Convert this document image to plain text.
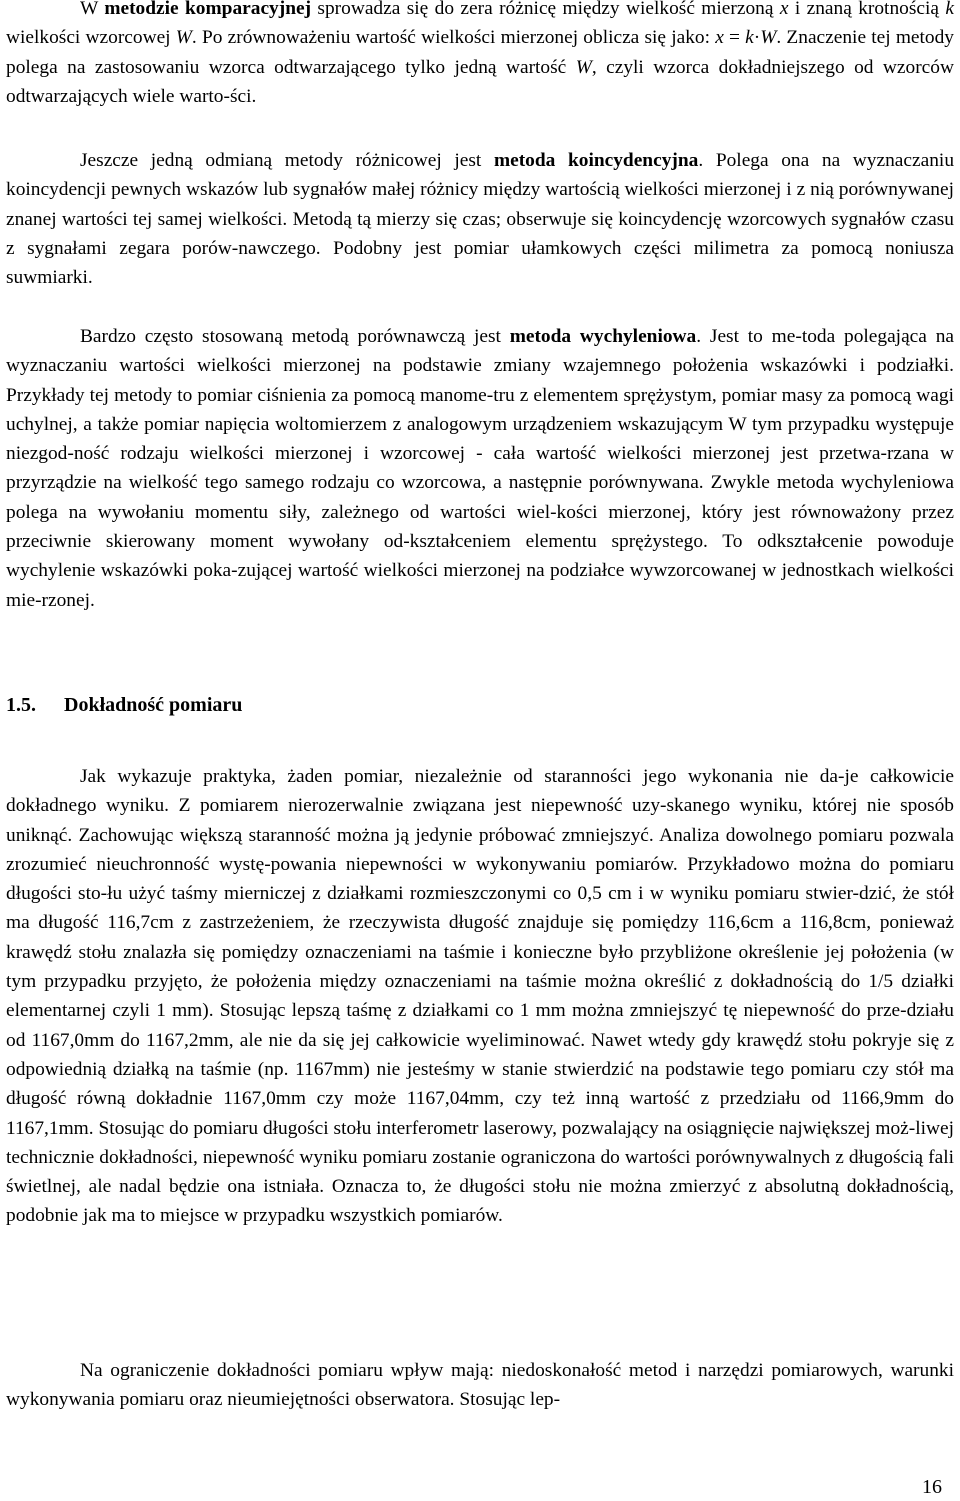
W metodzie komparacyjnej sprowadza się do zera różnicę między wielkość mierzoną x i znaną krotnością k wielkości wzorcowej W. Po zrównoważeniu wartość wielkości mierzonej oblicza się jako: x = k·W. Znaczenie tej metody polega na zastosowaniu wzorca odtwarzającego tylko jedną wartość W, czyli wzorca dokładniejszego od wzorców odtwarzających wiele warto-ści.

Jeszcze jedną odmianą metody różnicowej jest metoda koincydencyjna. Polega ona na wyznaczaniu koincydencji pewnych wskazów lub sygnałów małej różnicy między wartością wielkości mierzonej i z nią porównywanej znanej wartości tej samej wielkości. Metodą tą mierzy się czas; obserwuje się koincydencję wzorcowych sygnałów czasu z sygnałami zegara porów-nawczego. Podobny jest pomiar ułamkowych części milimetra za pomocą noniusza suwmiarki.

Bardzo często stosowaną metodą porównawczą jest metoda wychyleniowa. Jest to me-toda polegająca na wyznaczaniu wartości wielkości mierzonej na podstawie zmiany wzajemnego położenia wskazówki i podziałki. Przykłady tej metody to pomiar ciśnienia za pomocą manome-tru z elementem sprężystym, pomiar masy za pomocą wagi uchylnej, a także pomiar napięcia woltomierzem z analogowym urządzeniem wskazującym W tym przypadku występuje niezgod-ność rodzaju wielkości mierzonej i wzorcowej - cała wartość wielkości mierzonej jest przetwa-rzana w przyrządzie na wielkość tego samego rodzaju co wzorcowa, a następnie porównywana. Zwykle metoda wychyleniowa polega na wywołaniu momentu siły, zależnego od wartości wiel-kości mierzonej, który jest równoważony przez przeciwnie skierowany moment wywołany od-kształceniem elementu sprężystego. To odkształcenie powoduje wychylenie wskazówki poka-zującej wartość wielkości mierzonej na podziałce wywzorcowanej w jednostkach wielkości mie-rzonej.

1.5. Dokładność pomiaru

Jak wykazuje praktyka, żaden pomiar, niezależnie od staranności jego wykonania nie da-je całkowicie dokładnego wyniku. Z pomiarem nierozerwalnie związana jest niepewność uzy-skanego wyniku, której nie sposób uniknąć. Zachowując większą staranność można ją jedynie próbować zmniejszyć. Analiza dowolnego pomiaru pozwala zrozumieć nieuchronność wystę-powania niepewności w wykonywaniu pomiarów. Przykładowo można do pomiaru długości sto-łu użyć taśmy mierniczej z działkami rozmieszczonymi co 0,5 cm i w wyniku pomiaru stwier-dzić, że stół ma długość 116,7cm z zastrzeżeniem, że rzeczywista długość znajduje się pomiędzy 116,6cm a 116,8cm, ponieważ krawędź stołu znalazła się pomiędzy oznaczeniami na taśmie i konieczne było przybliżone określenie jej położenia (w tym przypadku przyjęto, że położenia między oznaczeniami na taśmie można określić z dokładnością do 1/5 działki elementarnej czyli 1 mm). Stosując lepszą taśmę z działkami co 1 mm można zmniejszyć tę niepewność do prze-działu od 1167,0mm do 1167,2mm, ale nie da się jej całkowicie wyeliminować. Nawet wtedy gdy krawędź stołu pokryje się z odpowiednią działką na taśmie (np. 1167mm) nie jesteśmy w stanie stwierdzić na podstawie tego pomiaru czy stół ma długość równą dokładnie 1167,0mm czy może 1167,04mm, czy też inną wartość z przedziału od 1166,9mm do 1167,1mm. Stosując do pomiaru długości stołu interferometr laserowy, pozwalający na osiągnięcie największej moż-liwej technicznie dokładności, niepewność wyniku pomiaru zostanie ograniczona do wartości porównywalnych z długością fali świetlnej, ale nadal będzie ona istniała. Oznacza to, że długości stołu nie można zmierzyć z absolutną dokładnością, podobnie jak ma to miejsce w przypadku wszystkich pomiarów.

Na ograniczenie dokładności pomiaru wpływ mają: niedoskonałość metod i narzędzi pomiarowych, warunki wykonywania pomiaru oraz nieumiejętności obserwatora. Stosując lep-

16
